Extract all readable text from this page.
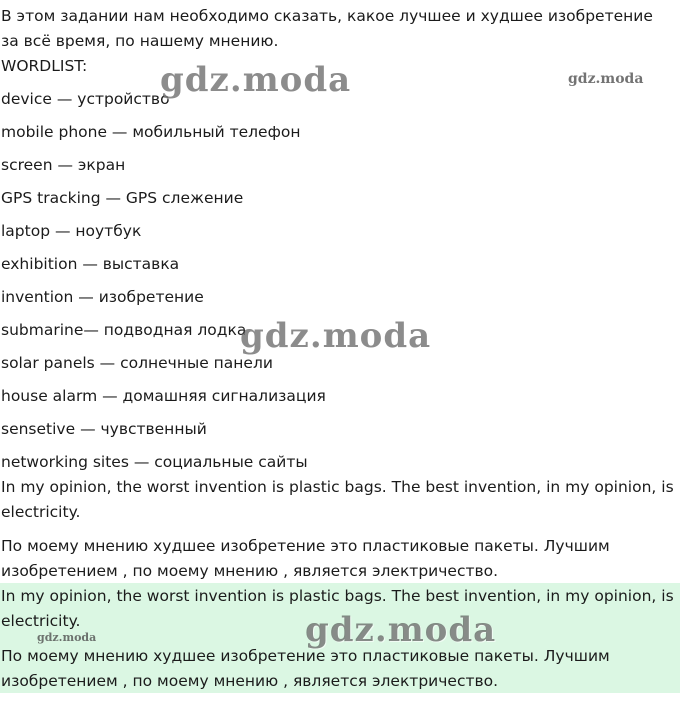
В этом задании нам необходимо сказать, какое лучшее и худшее изобретение за всё время, по нашему мнению.

WORDLIST:

device — устройство
mobile phone — мобильный телефон
screen — экран
GPS tracking — GPS слежение
laptop — ноутбук
exhibition — выставка
invention — изобретение
submarine— подводная лодка
solar panels — солнечные панели
house alarm — домашняя сигнализация
sensetive — чувственный
networking sites — социальные сайты

In my opinion, the worst invention is plastic bags. The best invention, in my opinion, is electricity.

По моему мнению худшее изобретение это пластиковые пакеты. Лучшим изобретением , по моему мнению , является электричество.

In my opinion, the worst invention is plastic bags. The best invention, in my opinion, is electricity.

По моему мнению худшее изобретение это пластиковые пакеты. Лучшим изобретением , по моему мнению , является электричество.

gdz.moda	gdz.moda
gdz.moda
gdz.moda
gdz.moda
